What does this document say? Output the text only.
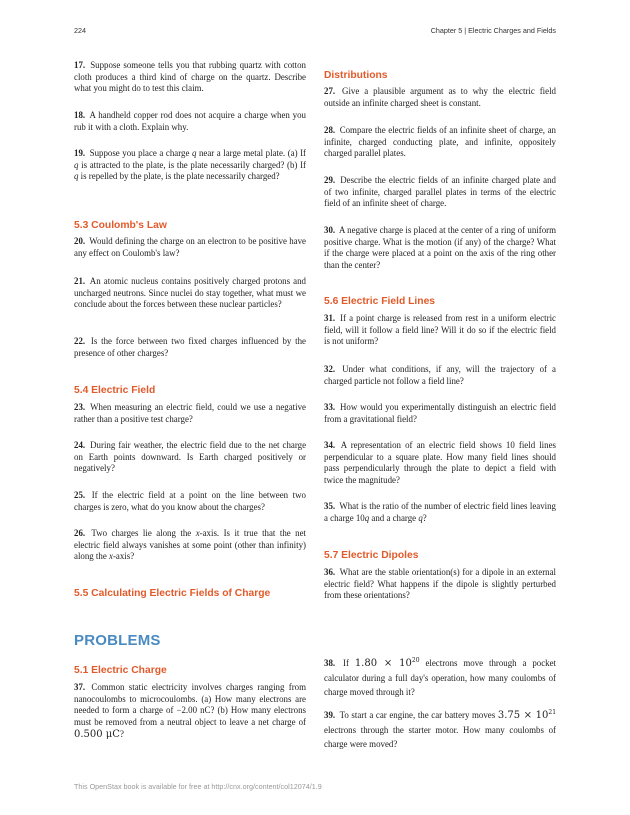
224	Chapter 5 | Electric Charges and Fields

17. Suppose someone tells you that rubbing quartz with cotton cloth produces a third kind of charge on the quartz. Describe what you might do to test this claim.

18. A handheld copper rod does not acquire a charge when you rub it with a cloth. Explain why.

19. Suppose you place a charge q near a large metal plate. (a) If q is attracted to the plate, is the plate necessarily charged? (b) If q is repelled by the plate, is the plate necessarily charged?

5.3 Coulomb's Law

20. Would defining the charge on an electron to be positive have any effect on Coulomb's law?

21. An atomic nucleus contains positively charged protons and uncharged neutrons. Since nuclei do stay together, what must we conclude about the forces between these nuclear particles?

22. Is the force between two fixed charges influenced by the presence of other charges?

5.4 Electric Field

23. When measuring an electric field, could we use a negative rather than a positive test charge?

24. During fair weather, the electric field due to the net charge on Earth points downward. Is Earth charged positively or negatively?

25. If the electric field at a point on the line between two charges is zero, what do you know about the charges?

26. Two charges lie along the x-axis. Is it true that the net electric field always vanishes at some point (other than infinity) along the x-axis?

5.5 Calculating Electric Fields of Charge
Distributions

27. Give a plausible argument as to why the electric field outside an infinite charged sheet is constant.

28. Compare the electric fields of an infinite sheet of charge, an infinite, charged conducting plate, and infinite, oppositely charged parallel plates.

29. Describe the electric fields of an infinite charged plate and of two infinite, charged parallel plates in terms of the electric field of an infinite sheet of charge.

30. A negative charge is placed at the center of a ring of uniform positive charge. What is the motion (if any) of the charge? What if the charge were placed at a point on the axis of the ring other than the center?

5.6 Electric Field Lines

31. If a point charge is released from rest in a uniform electric field, will it follow a field line? Will it do so if the electric field is not uniform?

32. Under what conditions, if any, will the trajectory of a charged particle not follow a field line?

33. How would you experimentally distinguish an electric field from a gravitational field?

34. A representation of an electric field shows 10 field lines perpendicular to a square plate. How many field lines should pass perpendicularly through the plate to depict a field with twice the magnitude?

35. What is the ratio of the number of electric field lines leaving a charge 10q and a charge q?

5.7 Electric Dipoles

36. What are the stable orientation(s) for a dipole in an external electric field? What happens if the dipole is slightly perturbed from these orientations?

PROBLEMS
5.1 Electric Charge

37. Common static electricity involves charges ranging from nanocoulombs to microcoulombs. (a) How many electrons are needed to form a charge of −2.00 nC? (b) How many electrons must be removed from a neutral object to leave a net charge of 0.500 μC?

38. If $1.80 \times 10^{20}$ electrons move through a pocket calculator during a full day's operation, how many coulombs of charge moved through it?

39. To start a car engine, the car battery moves $3.75 \times 10^{21}$ electrons through the starter motor. How many coulombs of charge were moved?

This OpenStax book is available for free at http://cnx.org/content/col12074/1.9
